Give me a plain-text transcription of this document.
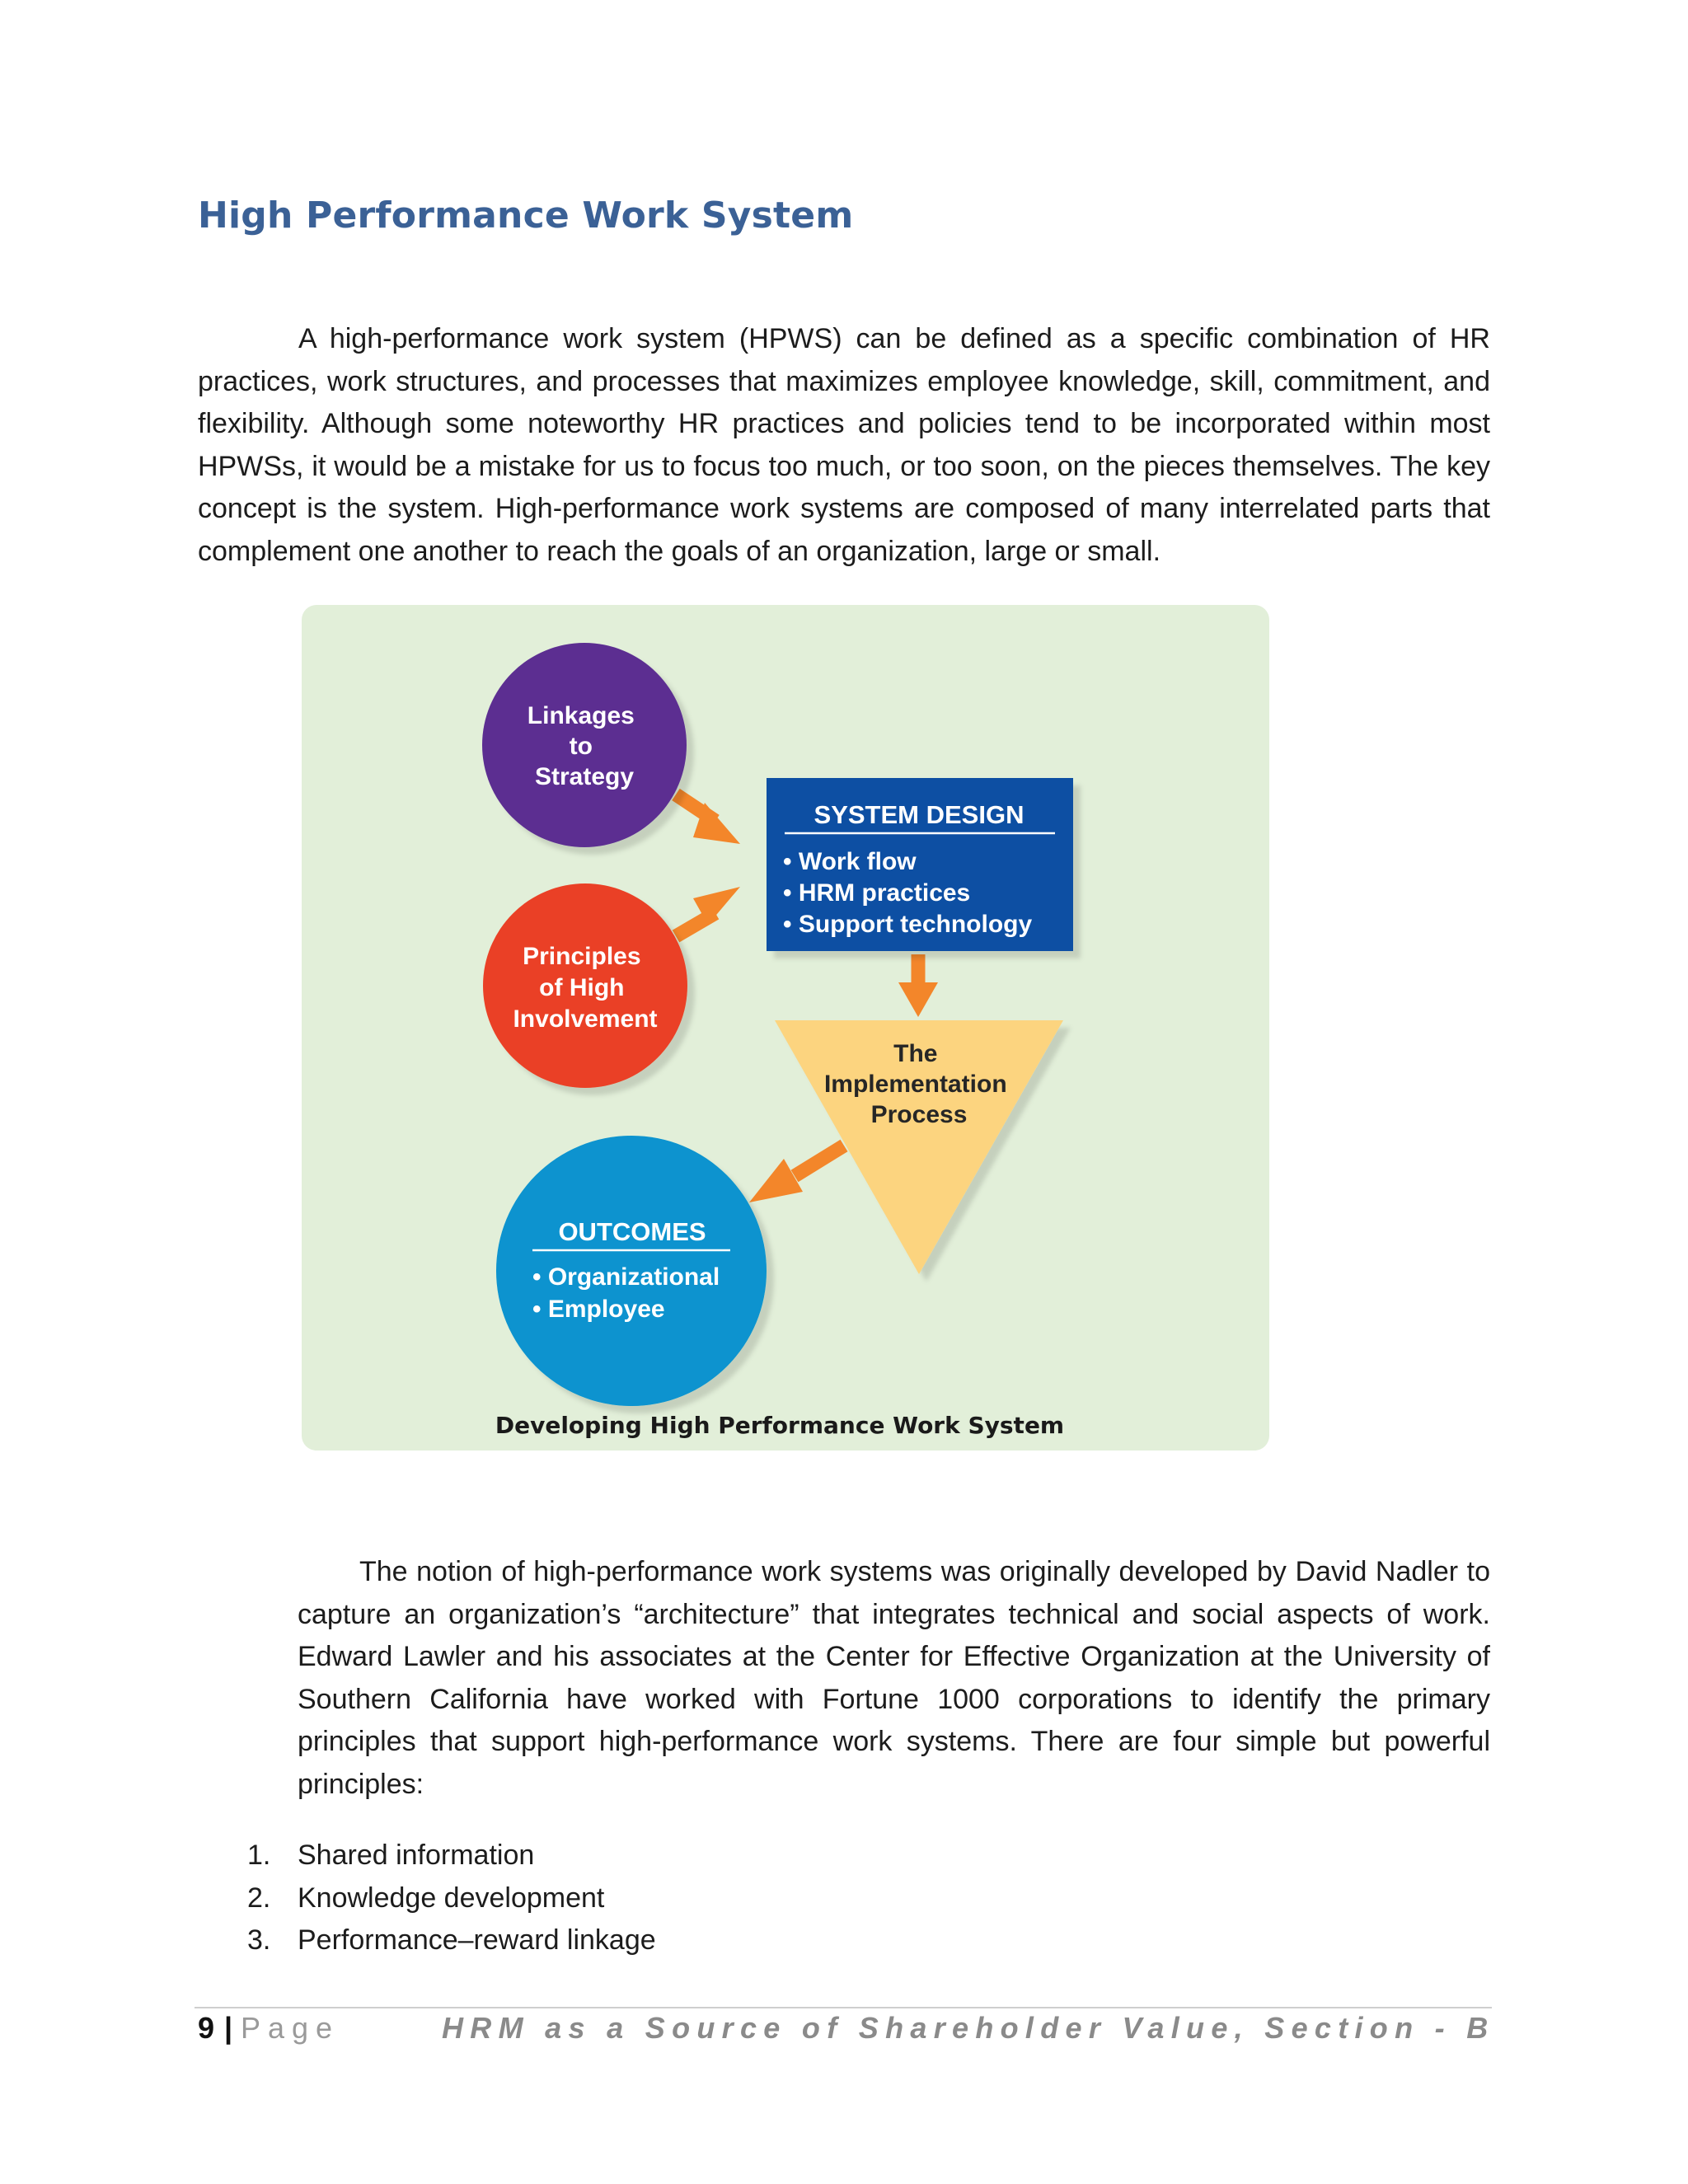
High Performance Work System

A high-performance work system (HPWS) can be defined as a specific combination of HR practices, work structures, and processes that maximizes employee knowledge, skill, commitment, and flexibility. Although some noteworthy HR practices and policies tend to be incorporated within most HPWSs, it would be a mistake for us to focus too much, or too soon, on the pieces themselves. The key concept is the system. High-performance work systems are composed of many interrelated parts that complement one another to reach the goals of an organization, large or small.

Linkages to Strategy
Principles of High Involvement
SYSTEM DESIGN
• Work flow • HRM practices • Support technology
The Implementation Process
OUTCOMES
• Organizational • Employee
Developing High Performance Work System

The notion of high-performance work systems was originally developed by David Nadler to capture an organization’s “architecture” that integrates technical and social aspects of work. Edward Lawler and his associates at the Center for Effective Organization at the University of Southern California have worked with Fortune 1000 corporations to identify the primary principles that support high-performance work systems. There are four simple but powerful principles:

1. Shared information
2. Knowledge development
3. Performance–reward linkage
9 | Page	HRM as a Source of Shareholder Value, Section - B
